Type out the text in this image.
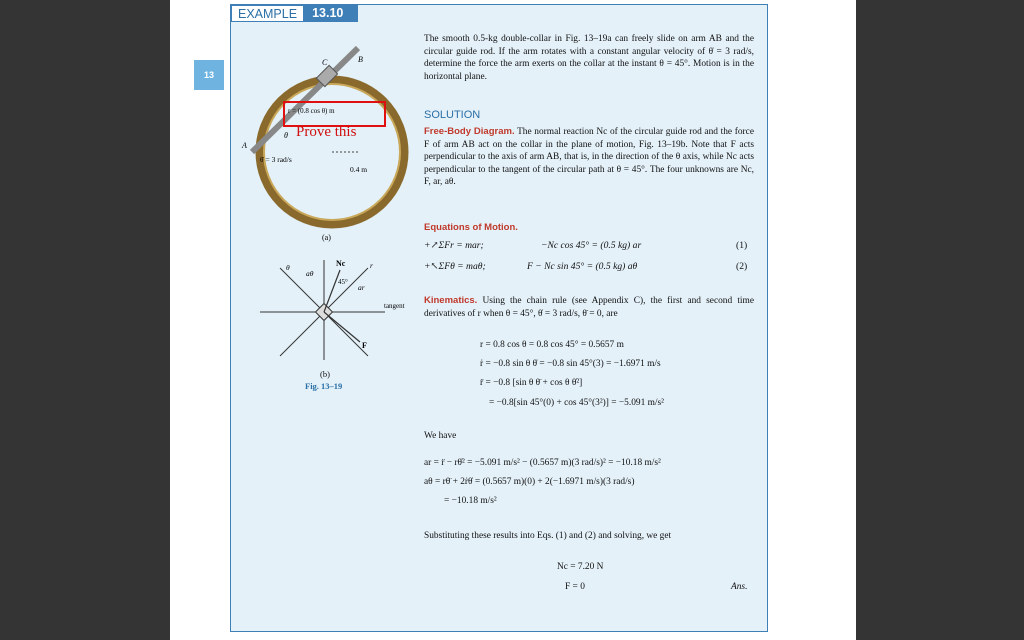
13
EXAMPLE	13.10
The smooth 0.5-kg double-collar in Fig. 13–19a can freely slide on arm AB and the circular guide rod. If the arm rotates with a constant angular velocity of θ̇ = 3 rad/s, determine the force the arm exerts on the collar at the instant θ = 45°. Motion is in the horizontal plane.
SOLUTION
Free-Body Diagram. The normal reaction Nc of the circular guide rod and the force F of arm AB act on the collar in the plane of motion, Fig. 13–19b. Note that F acts perpendicular to the axis of arm AB, that is, in the direction of the θ axis, while Nc acts perpendicular to the tangent of the circular path at θ = 45°. The four unknowns are Nc, F, ar, aθ.
Equations of Motion.
+↗ΣFr = mar;	−Nc cos 45° = (0.5 kg) ar	(1)
+↖ΣFθ = maθ;	F − Nc sin 45° = (0.5 kg) aθ	(2)
Kinematics. Using the chain rule (see Appendix C), the first and second time derivatives of r when θ = 45°, θ̇ = 3 rad/s, θ̈ = 0, are
r = 0.8 cos θ = 0.8 cos 45° = 0.5657 m
ṙ = −0.8 sin θ θ̇ = −0.8 sin 45°(3) = −1.6971 m/s
r̈ = −0.8 [sin θ θ̈ + cos θ θ̇²]
= −0.8[sin 45°(0) + cos 45°(3²)] = −5.091 m/s²
We have
ar = r̈ − rθ̇² = −5.091 m/s² − (0.5657 m)(3 rad/s)² = −10.18 m/s²
aθ = rθ̈ + 2ṙθ̇ = (0.5657 m)(0) + 2(−1.6971 m/s)(3 rad/s)
= −10.18 m/s²
Substituting these results into Eqs. (1) and (2) and solving, we get
Nc = 7.20 N
F = 0	Ans.
B
C
A
θ̇ = 3 rad/s
0.4 m
θ
r = (0.8 cos θ) m
(a)
θ
aθ
Nc	r
45°
ar
tangent
F
(b)
Fig. 13–19
Prove this
